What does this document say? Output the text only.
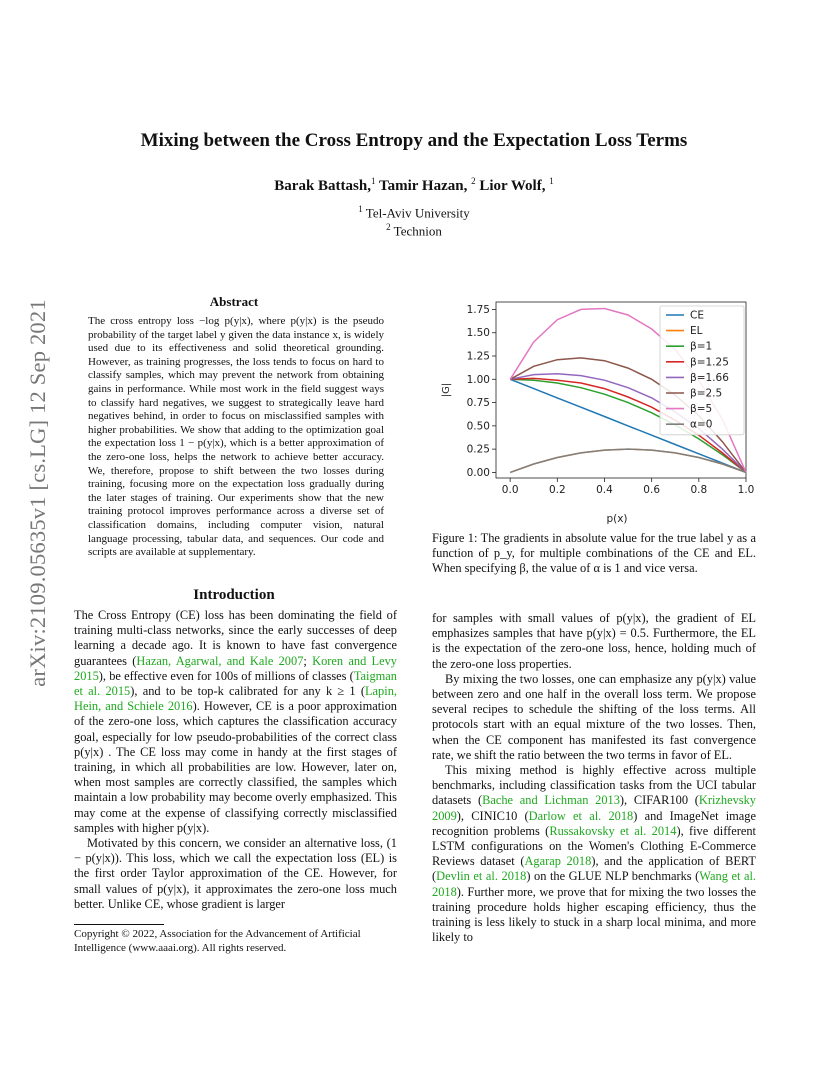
arXiv:2109.05635v1 [cs.LG] 12 Sep 2021
Mixing between the Cross Entropy and the Expectation Loss Terms
Barak Battash,$^1$ Tamir Hazan, $^2$ Lior Wolf, $^1$
$^1$ Tel-Aviv University
$^2$ Technion
Abstract
The cross entropy loss −log p(y|x), where p(y|x) is the pseudo probability of the target label y given the data instance x, is widely used due to its effectiveness and solid theoretical grounding. However, as training progresses, the loss tends to focus on hard to classify samples, which may prevent the network from obtaining gains in performance. While most work in the field suggest ways to classify hard negatives, we suggest to strategically leave hard negatives behind, in order to focus on misclassified samples with higher probabilities. We show that adding to the optimization goal the expectation loss 1 − p(y|x), which is a better approximation of the zero-one loss, helps the network to achieve better accuracy. We, therefore, propose to shift between the two losses during training, focusing more on the expectation loss gradually during the later stages of training. Our experiments show that the new training protocol improves performance across a diverse set of classification domains, including computer vision, natural language processing, tabular data, and sequences. Our code and scripts are available at supplementary.
Introduction

The Cross Entropy (CE) loss has been dominating the field of training multi-class networks, since the early successes of deep learning a decade ago. It is known to have fast convergence guarantees (Hazan, Agarwal, and Kale 2007; Koren and Levy 2015), be effective even for 100s of millions of classes (Taigman et al. 2015), and to be top-k calibrated for any k ≥ 1 (Lapin, Hein, and Schiele 2016). However, CE is a poor approximation of the zero-one loss, which captures the classification accuracy goal, especially for low pseudo-probabilities of the correct class p(y|x) . The CE loss may come in handy at the first stages of training, in which all probabilities are low. However, later on, when most samples are correctly classified, the samples which maintain a low probability may become overly emphasized. This may come at the expense of classifying correctly misclassified samples with higher p(y|x).

Motivated by this concern, we consider an alternative loss, (1 − p(y|x)). This loss, which we call the expectation loss (EL) is the first order Taylor approximation of the CE. However, for small values of p(y|x), it approximates the zero-one loss much better. Unlike CE, whose gradient is larger

Copyright © 2022, Association for the Advancement of Artificial Intelligence (www.aaai.org). All rights reserved.
0.00
0.25
0.50
0.75
1.00
1.25
1.50
1.75
0.0	0.2	0.4	0.6	0.8	1.0
p(x)
|G|
CE
EL
β=1
β=1.25
β=1.66
β=2.5
β=5
α=0
Figure 1: The gradients in absolute value for the true label y as a function of p_y, for multiple combinations of the CE and EL. When specifying β, the value of α is 1 and vice versa.

for samples with small values of p(y|x), the gradient of EL emphasizes samples that have p(y|x) = 0.5. Furthermore, the EL is the expectation of the zero-one loss, hence, holding much of the zero-one loss properties.

By mixing the two losses, one can emphasize any p(y|x) value between zero and one half in the overall loss term. We propose several recipes to schedule the shifting of the loss terms. All protocols start with an equal mixture of the two losses. Then, when the CE component has manifested its fast convergence rate, we shift the ratio between the two terms in favor of EL.

This mixing method is highly effective across multiple benchmarks, including classification tasks from the UCI tabular datasets (Bache and Lichman 2013), CIFAR100 (Krizhevsky 2009), CINIC10 (Darlow et al. 2018) and ImageNet image recognition problems (Russakovsky et al. 2014), five different LSTM configurations on the Women's Clothing E-Commerce Reviews dataset (Agarap 2018), and the application of BERT (Devlin et al. 2018) on the GLUE NLP benchmarks (Wang et al. 2018). Further more, we prove that for mixing the two losses the training procedure holds higher escaping efficiency, thus the training is less likely to stuck in a sharp local minima, and more likely to
